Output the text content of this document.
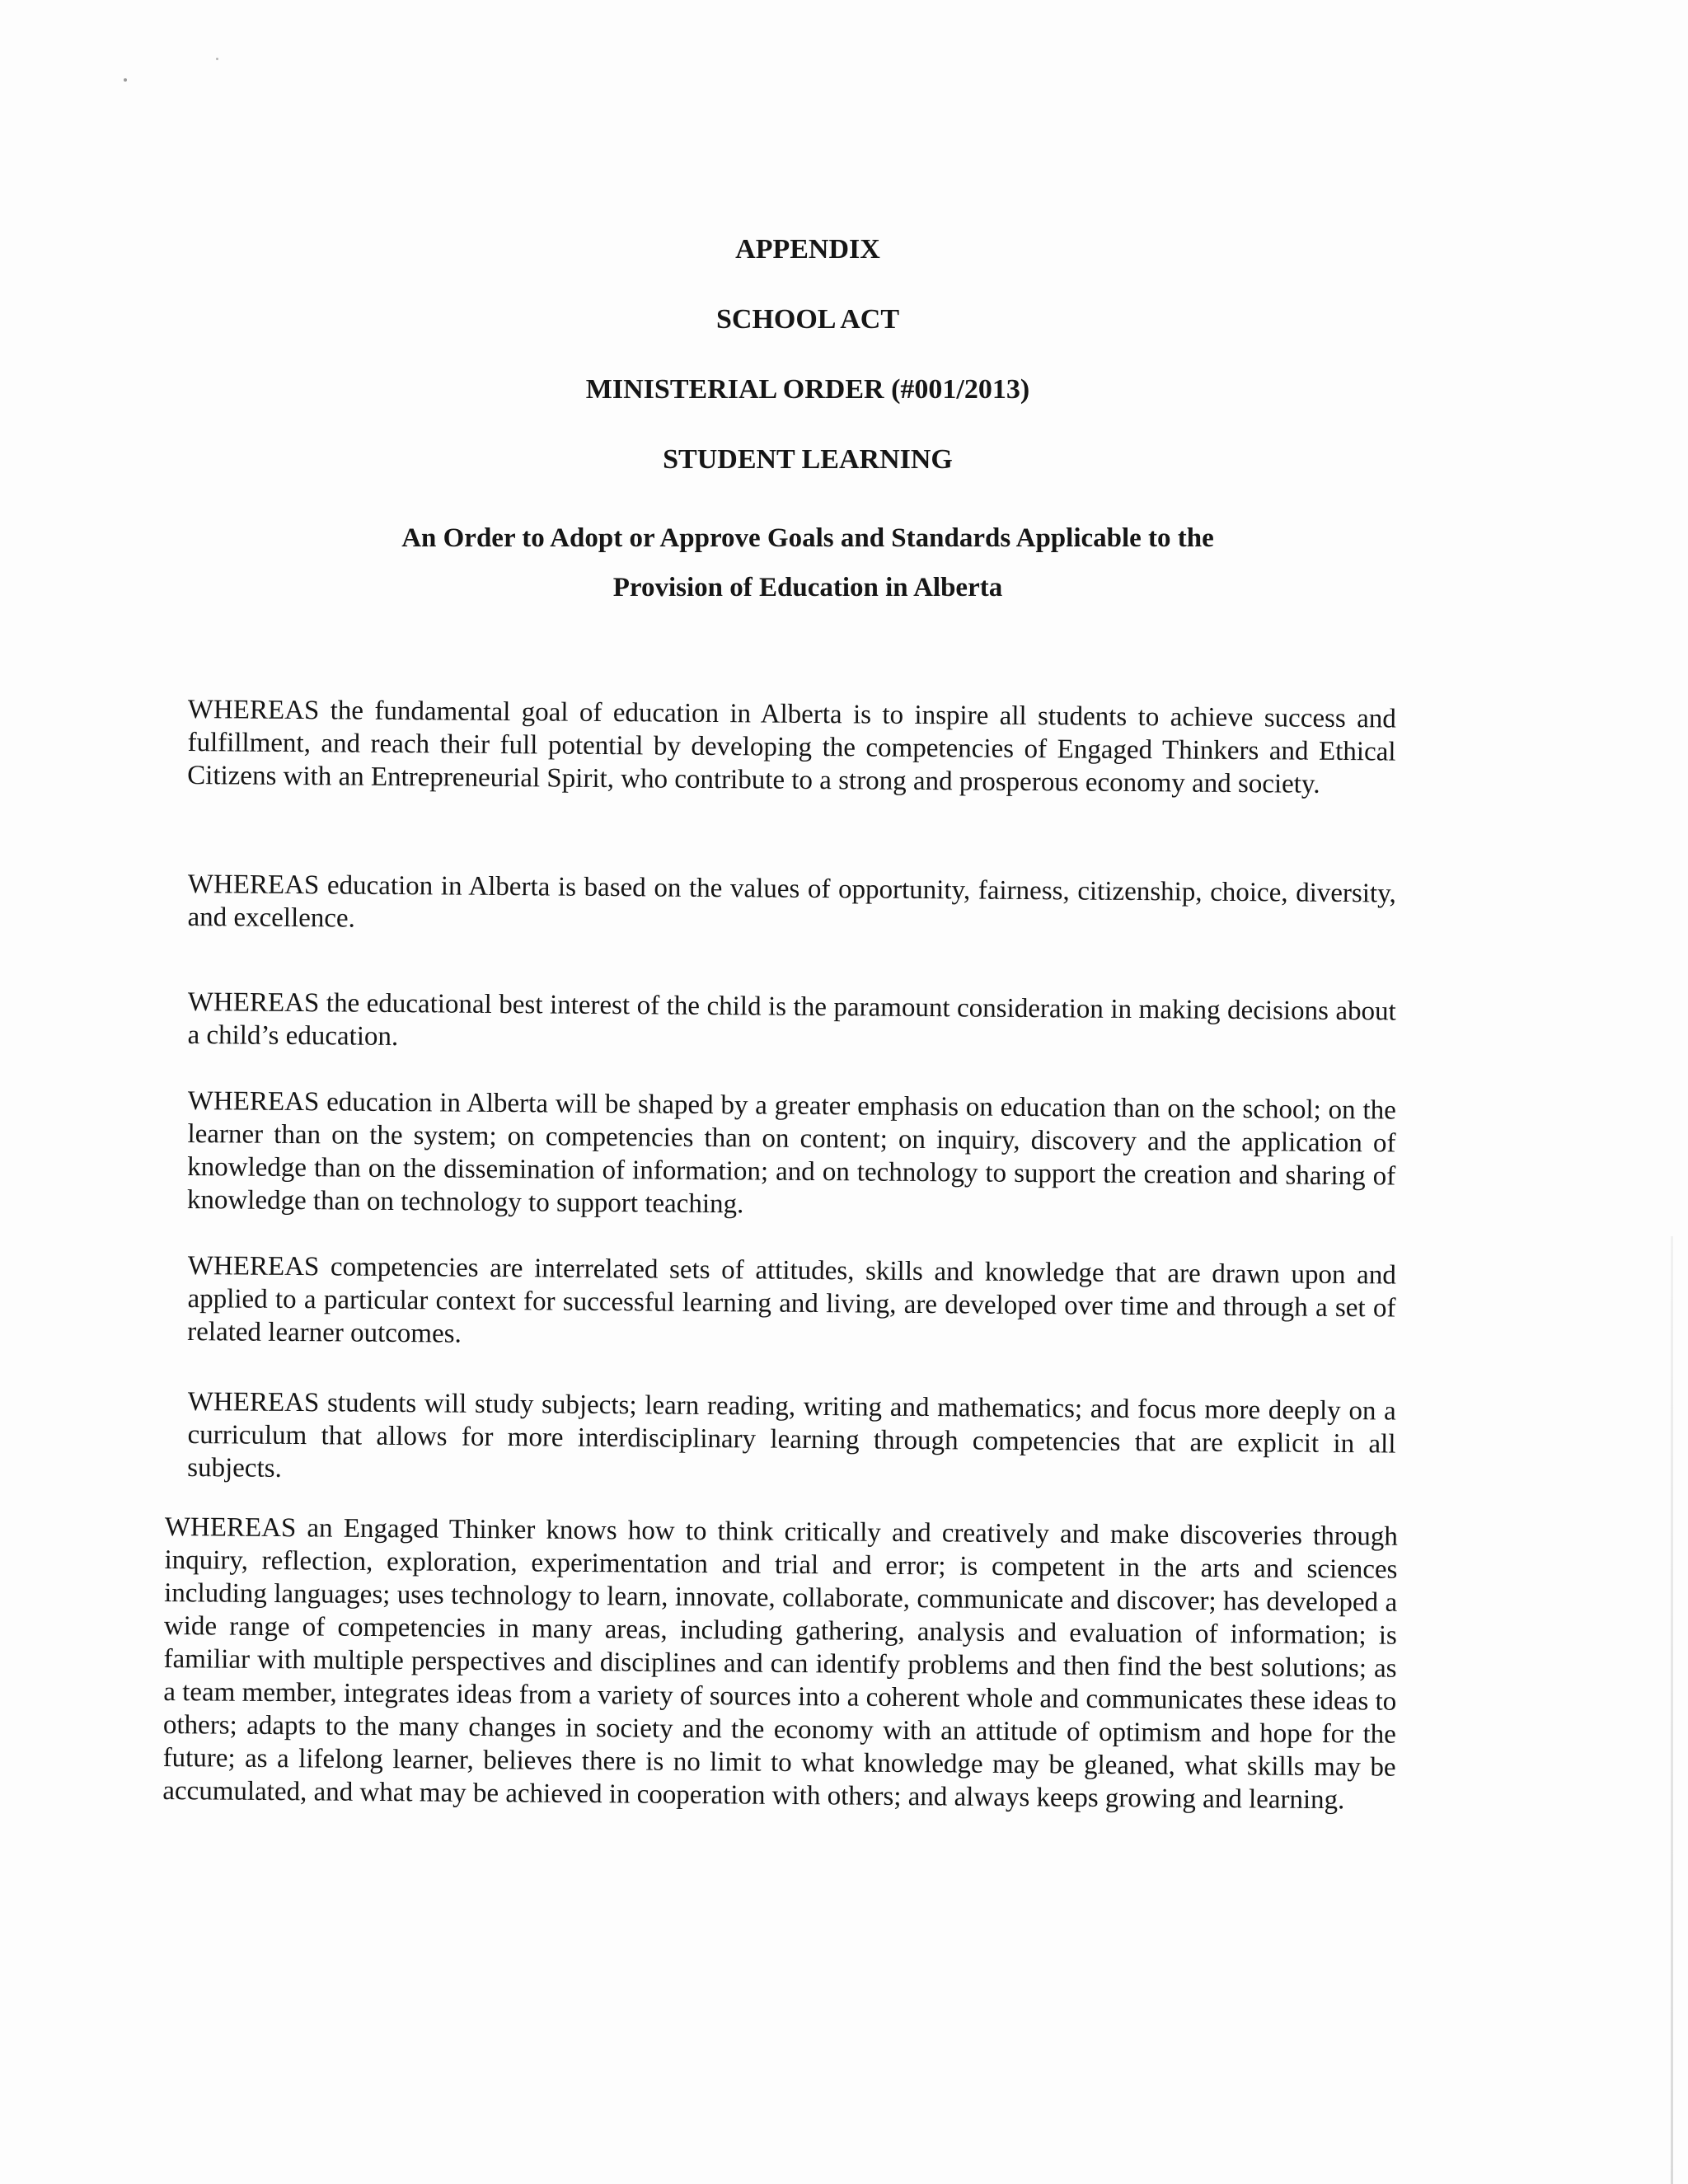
APPENDIX
SCHOOL ACT
MINISTERIAL ORDER (#001/2013)
STUDENT LEARNING
An Order to Adopt or Approve Goals and Standards Applicable to the
Provision of Education in Alberta

WHEREAS the fundamental goal of education in Alberta is to inspire all students to achieve success and fulfillment, and reach their full potential by developing the competencies of Engaged Thinkers and Ethical Citizens with an Entrepreneurial Spirit, who contribute to a strong and prosperous economy and society.

WHEREAS education in Alberta is based on the values of opportunity, fairness, citizenship, choice, diversity, and excellence.

WHEREAS the educational best interest of the child is the paramount consideration in making decisions about a child’s education.

WHEREAS education in Alberta will be shaped by a greater emphasis on education than on the school; on the learner than on the system; on competencies than on content; on inquiry, discovery and the application of knowledge than on the dissemination of information; and on technology to support the creation and sharing of knowledge than on technology to support teaching.

WHEREAS competencies are interrelated sets of attitudes, skills and knowledge that are drawn upon and applied to a particular context for successful learning and living, are developed over time and through a set of related learner outcomes.

WHEREAS students will study subjects; learn reading, writing and mathematics; and focus more deeply on a curriculum that allows for more interdisciplinary learning through competencies that are explicit in all subjects.

WHEREAS an Engaged Thinker knows how to think critically and creatively and make discoveries through inquiry, reflection, exploration, experimentation and trial and error; is competent in the arts and sciences including languages; uses technology to learn, innovate, collaborate, communicate and discover; has developed a wide range of competencies in many areas, including gathering, analysis and evaluation of information; is familiar with multiple perspectives and disciplines and can identify problems and then find the best solutions; as a team member, integrates ideas from a variety of sources into a coherent whole and communicates these ideas to others; adapts to the many changes in society and the economy with an attitude of optimism and hope for the future; as a lifelong learner, believes there is no limit to what knowledge may be gleaned, what skills may be accumulated, and what may be achieved in cooperation with others; and always keeps growing and learning.
